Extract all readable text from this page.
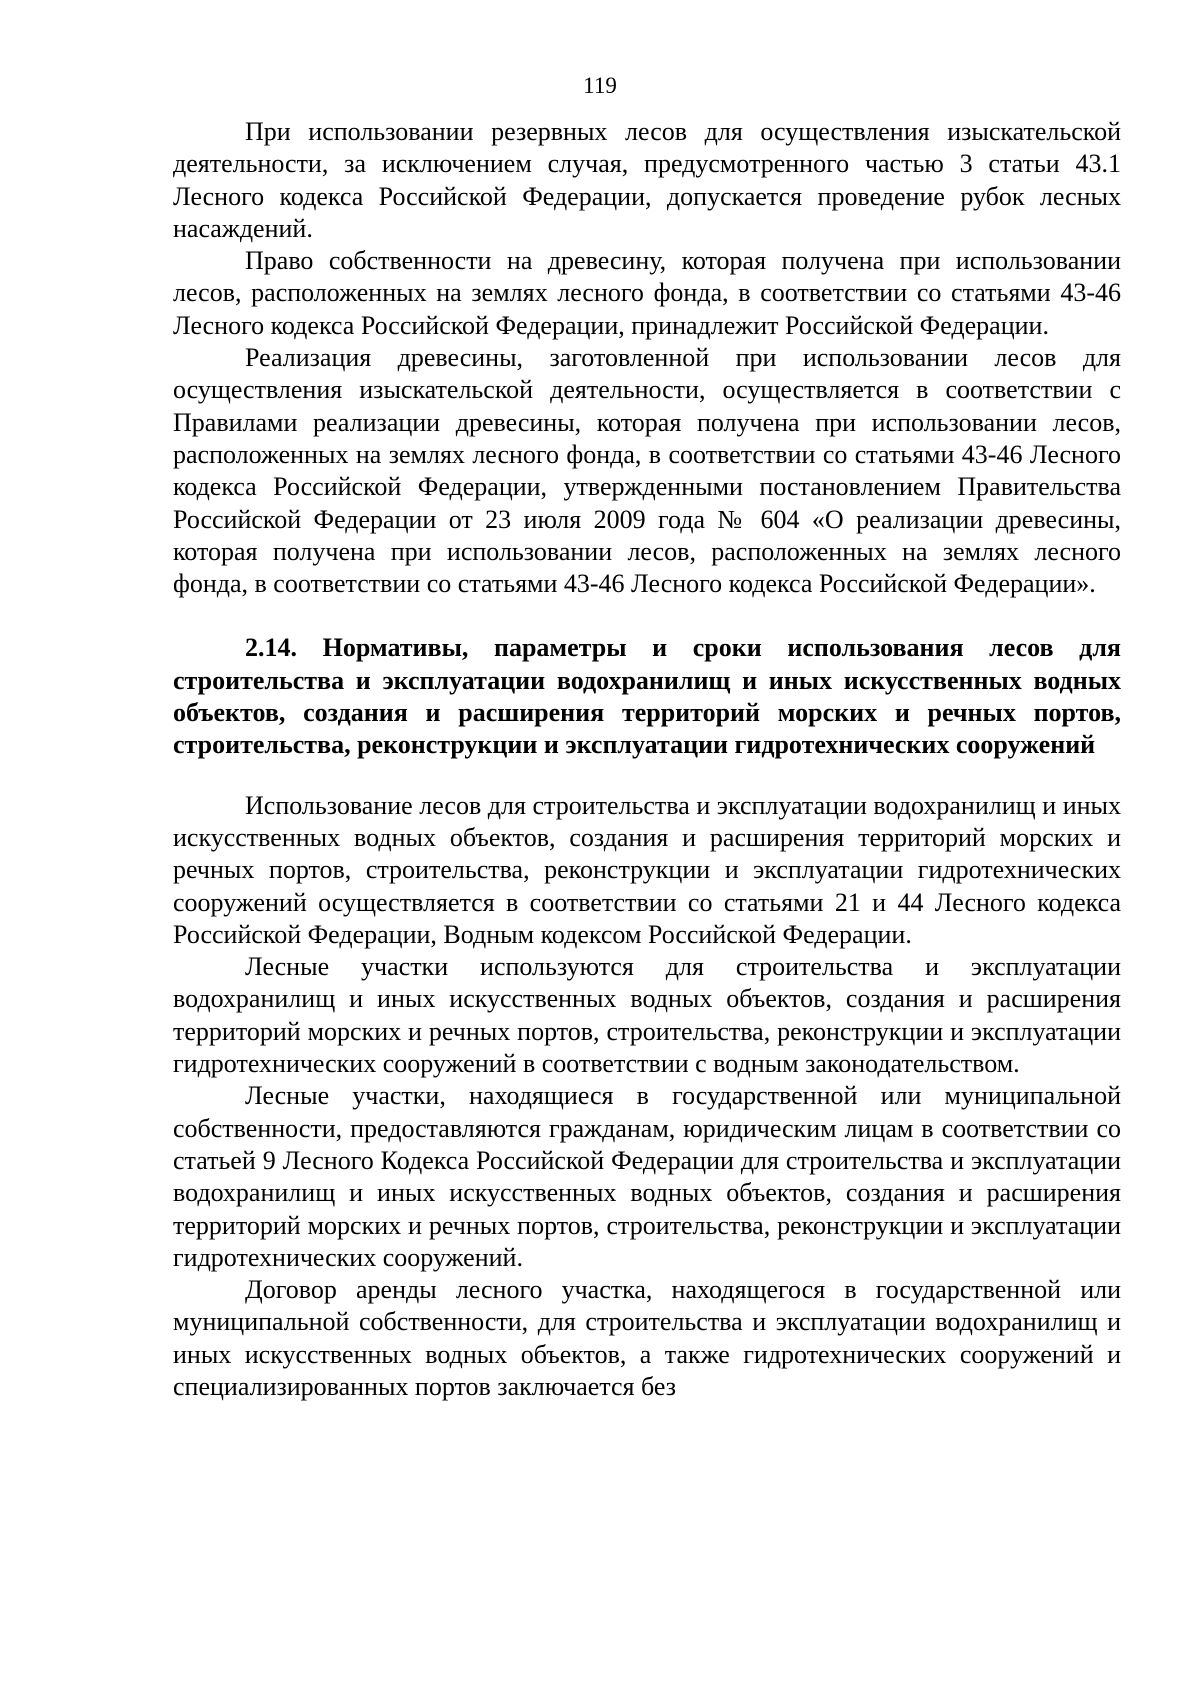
119

При использовании резервных лесов для осуществления изыскательской деятельности, за исключением случая, предусмотренного частью 3 статьи 43.1 Лесного кодекса Российской Федерации, допускается проведение рубок лесных насаждений.

Право собственности на древесину, которая получена при использовании лесов, расположенных на землях лесного фонда, в соответствии со статьями 43-46 Лесного кодекса Российской Федерации, принадлежит Российской Федерации.

Реализация древесины, заготовленной при использовании лесов для осуществления изыскательской деятельности, осуществляется в соответствии с Правилами реализации древесины, которая получена при использовании лесов, расположенных на землях лесного фонда, в соответствии со статьями 43-46 Лесного кодекса Российской Федерации, утвержденными постановлением Правительства Российской Федерации от 23 июля 2009 года № 604 «О реализации древесины, которая получена при использовании лесов, расположенных на землях лесного фонда, в соответствии со статьями 43-46 Лесного кодекса Российской Федерации».

2.14. Нормативы, параметры и сроки использования лесов для строительства и эксплуатации водохранилищ и иных искусственных водных объектов, создания и расширения территорий морских и речных портов, строительства, реконструкции и эксплуатации гидротехнических сооружений

Использование лесов для строительства и эксплуатации водохранилищ и иных искусственных водных объектов, создания и расширения территорий морских и речных портов, строительства, реконструкции и эксплуатации гидротехнических сооружений осуществляется в соответствии со статьями 21 и 44 Лесного кодекса Российской Федерации, Водным кодексом Российской Федерации.

Лесные участки используются для строительства и эксплуатации водохранилищ и иных искусственных водных объектов, создания и расширения территорий морских и речных портов, строительства, реконструкции и эксплуатации гидротехнических сооружений в соответствии с водным законодательством.

Лесные участки, находящиеся в государственной или муниципальной собственности, предоставляются гражданам, юридическим лицам в соответствии со статьей 9 Лесного Кодекса Российской Федерации для строительства и эксплуатации водохранилищ и иных искусственных водных объектов, создания и расширения территорий морских и речных портов, строительства, реконструкции и эксплуатации гидротехнических сооружений.

Договор аренды лесного участка, находящегося в государственной или муниципальной собственности, для строительства и эксплуатации водохранилищ и иных искусственных водных объектов, а также гидротехнических сооружений и специализированных портов заключается без
